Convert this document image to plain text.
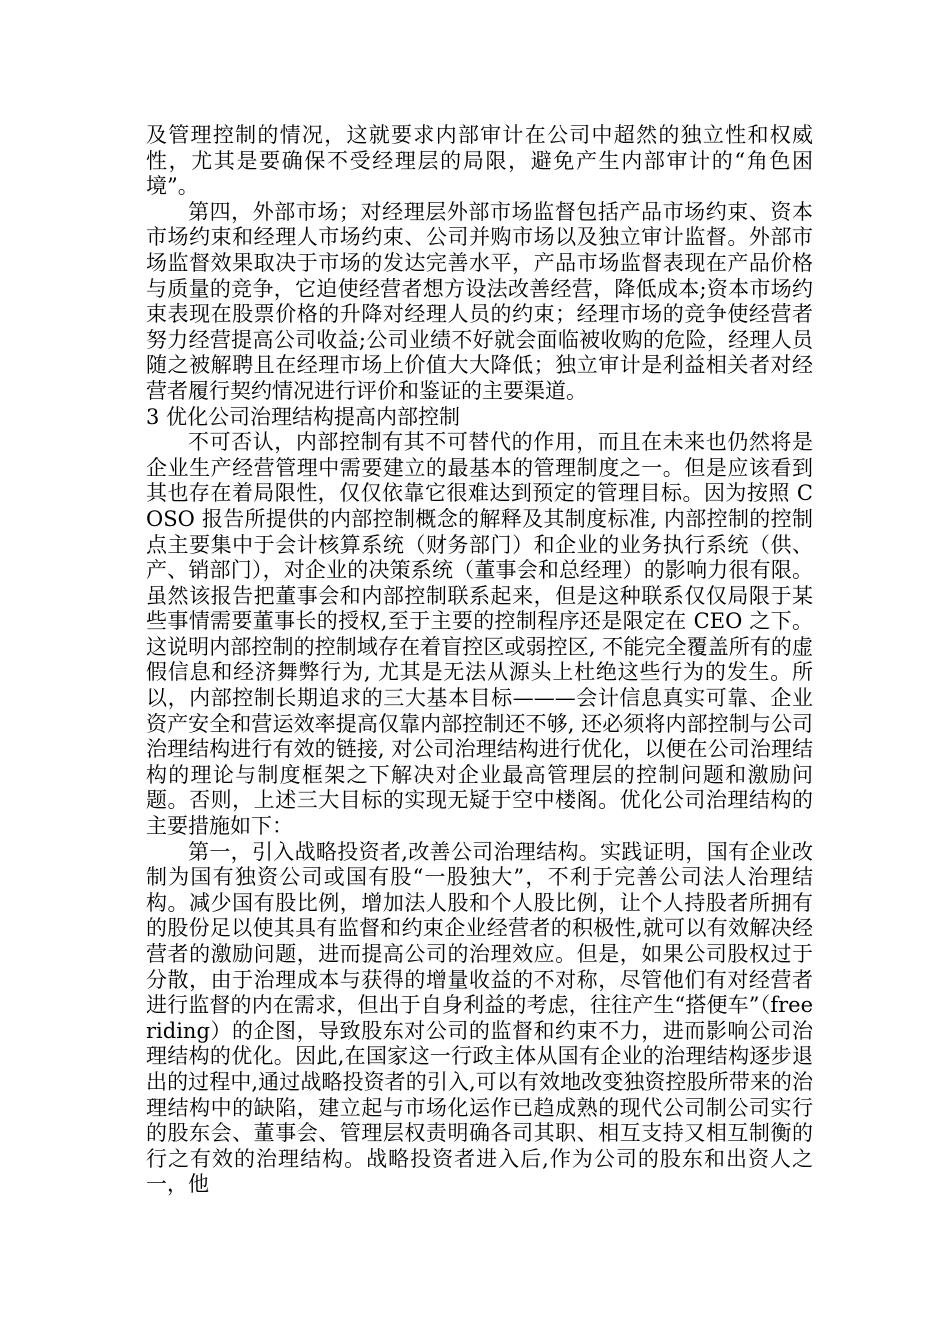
及管理控制的情况，这就要求内部审计在公司中超然的独立性和权威性，尤其是要确保不受经理层的局限，避免产生内部审计的“角色困境”。

第四，外部市场；对经理层外部市场监督包括产品市场约束、资本市场约束和经理人市场约束、公司并购市场以及独立审计监督。外部市场监督效果取决于市场的发达完善水平，产品市场监督表现在产品价格与质量的竞争，它迫使经营者想方设法改善经营，降低成本;资本市场约束表现在股票价格的升降对经理人员的约束；经理市场的竞争使经营者努力经营提高公司收益;公司业绩不好就会面临被收购的危险，经理人员随之被解聘且在经理市场上价值大大降低；独立审计是利益相关者对经营者履行契约情况进行评价和鉴证的主要渠道。

3 优化公司治理结构提高内部控制

不可否认，内部控制有其不可替代的作用，而且在未来也仍然将是企业生产经营管理中需要建立的最基本的管理制度之一。但是应该看到其也存在着局限性，仅仅依靠它很难达到预定的管理目标。因为按照 COSO 报告所提供的内部控制概念的解释及其制度标准, 内部控制的控制点主要集中于会计核算系统（财务部门）和企业的业务执行系统（供、产、销部门），对企业的决策系统（董事会和总经理）的影响力很有限。虽然该报告把董事会和内部控制联系起来，但是这种联系仅仅局限于某些事情需要董事长的授权,至于主要的控制程序还是限定在 CEO 之下。这说明内部控制的控制域存在着盲控区或弱控区, 不能完全覆盖所有的虚假信息和经济舞弊行为, 尤其是无法从源头上杜绝这些行为的发生。所以，内部控制长期追求的三大基本目标———会计信息真实可靠、企业资产安全和营运效率提高仅靠内部控制还不够, 还必须将内部控制与公司治理结构进行有效的链接, 对公司治理结构进行优化，以便在公司治理结构的理论与制度框架之下解决对企业最高管理层的控制问题和激励问题。否则，上述三大目标的实现无疑于空中楼阁。优化公司治理结构的主要措施如下：

第一，引入战略投资者,改善公司治理结构。实践证明，国有企业改制为国有独资公司或国有股“一股独大”，不利于完善公司法人治理结构。减少国有股比例，增加法人股和个人股比例，让个人持股者所拥有的股份足以使其具有监督和约束企业经营者的积极性,就可以有效解决经营者的激励问题，进而提高公司的治理效应。但是，如果公司股权过于分散，由于治理成本与获得的增量收益的不对称，尽管他们有对经营者进行监督的内在需求，但出于自身利益的考虑，往往产生“搭便车”（free riding）的企图，导致股东对公司的监督和约束不力，进而影响公司治理结构的优化。因此,在国家这一行政主体从国有企业的治理结构逐步退出的过程中,通过战略投资者的引入,可以有效地改变独资控股所带来的治理结构中的缺陷，建立起与市场化运作已趋成熟的现代公司制公司实行的股东会、董事会、管理层权责明确各司其职、相互支持又相互制衡的行之有效的治理结构。战略投资者进入后,作为公司的股东和出资人之一，他
